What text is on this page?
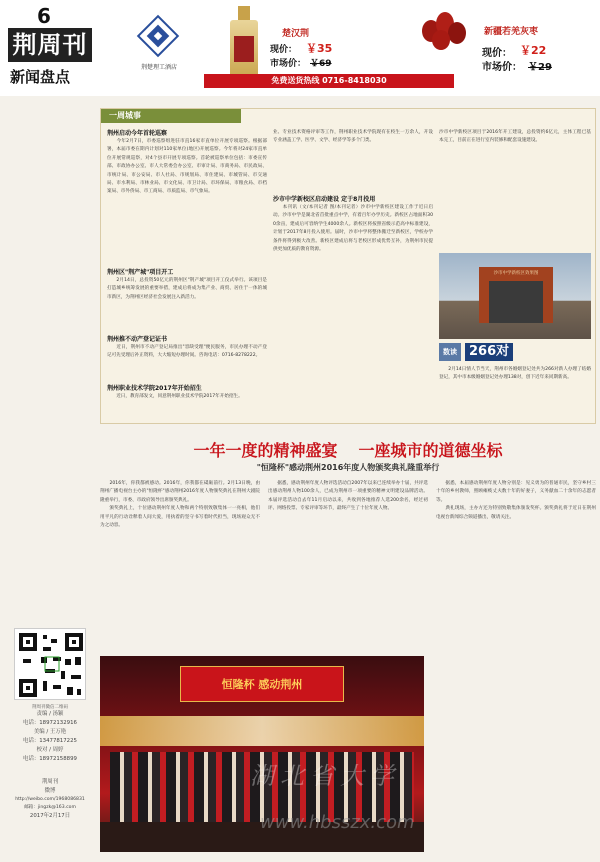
6
荆周刊
新闻盘点
荆楚理工酒店
楚汉荆
现价： ￥35
市场价： ￥69
新疆若羌灰枣
现价： ￥22
市场价： ￥29
免费送货热线 0716-8418030
一周城事
荆州启动今年首轮巡察
　　今年2月7日，市委巡察组进驻市直16家市直单位开展专项巡察。根据部署，本届市委在期内计划对110家单位(地区)开展巡察。今年将对24家市直单位开展常规巡察，对4个县市开展专项巡察。首轮被巡察单位包括：市委宣传部、市政协办公室、市人大常委会办公室、市审计局、市商务局、市民政局、市统计局、市公安局、市人社局、市规划局、市住建局、市城管局、市交通局、市水利局、市林业局、市文化局、市卫计局、市环保局、市粮食局、市档案局、市外侨局、市工商局、市质监局、市气象局。
荆州区"荆产城"项目开工
　　2月14日，总投资50亿元的荆州区"荆产城"项目开工仪式举行。该项目是打造城乡统筹发展的重要举措，建成后将成为集产业、商贸、居住于一体的城市新区，为荆州区经济社会发展注入新活力。
荆州推不动产登记证书
　　近日，荆州市不动产登记局推出"容缺受理"便民服务，市民办理不动产登记可先受理后补正资料，大大缩短办理时间。咨询电话：0716-8278222。
荆州职业技术学院2017年开始招生
　　近日，教育部发文，同意荆州职业技术学院2017年开始招生。
业、专业技术资格评审等工作，荆州职业技术学院现有在校生一万余人，开设专业涵盖工学、医学、文学、经济学等多个门类。
沙市中学新校区启动建设 定于8月投用
　　本刊讯（文/本刊记者 图/本刊记者）沙市中学新校区建设工作于近日启动。沙市中学是湖北省首批重点中学，有着百年办学历史。新校区占地面积300余亩，建成后可容纳学生4000余人。新校区将按照省级示范高中标准建设，计划于2017年8月投入使用。届时，沙市中学将整体搬迁至新校区，学校办学条件将得到极大改善。新校区建成后将与老校区形成优势互补，为荆州市民提供更加优质的教育资源。
沙市中学新校区项目于2016年开工建设，总投资约6亿元，主体工程已基本完工，目前正在进行室内装修和配套设施建设。
沙市中学新校区效果图
数读 266对
　　2月14日情人节当天，荆州市各婚姻登记处共为266对新人办理了结婚登记，其中市本级婚姻登记处办理138对，创下近年来同期新高。
一年一度的精神盛宴 一座城市的道德坐标
"恒隆杯"感动荆州2016年度人物颁奖典礼隆重举行
　　2016年，你我都被感动。2016年，你我都在砥砺前行。2月13日晚，由荆州广播电视台主办的"恒隆杯"感动荆州2016年度人物颁奖典礼在荆州大剧院隆重举行，市委、市政府领导出席颁奖典礼。
　　颁奖典礼上，十位感动荆州年度人物和两个特别致敬集体一一亮相，他们用平凡的行动诠释着人间大爱，用执着的坚守书写着时代担当，现场观众无不为之动容。
　　据悉，感动荆州年度人物评选活动自2007年以来已连续举办十届，共评选出感动荆州人物100余人，已成为荆州市一项重要的精神文明建设品牌活动。本届评选活动自去年11月启动以来，共收到各地推荐人选200余名，经过初评、网络投票、专家评审等环节，最终产生了十位年度人物。
　　据悉，本届感动荆州年度人物分别是：见义勇为的普通市民，坚守乡村三十年的乡村教师，照顾瘫痪丈夫数十年的好妻子，义务献血二十余年的志愿者等。
　　典礼现场，主办方还为特别致敬集体颁发奖杯。颁奖典礼将于近日在荆州电视台新闻综合频道播出，敬请关注。
恒隆杯 感动荆州
湖北省大学
www.hbsszx.com
荆周刊微信二维码
责编 / 汤颖
电话：18972132916
美编 / 王万艳
电话：13477817225
校对 / 周婷
电话：18972158899
荆周刊
微博
http://weibo.com/1968086831
邮箱：jingzk@163.com
2017年2月17日
